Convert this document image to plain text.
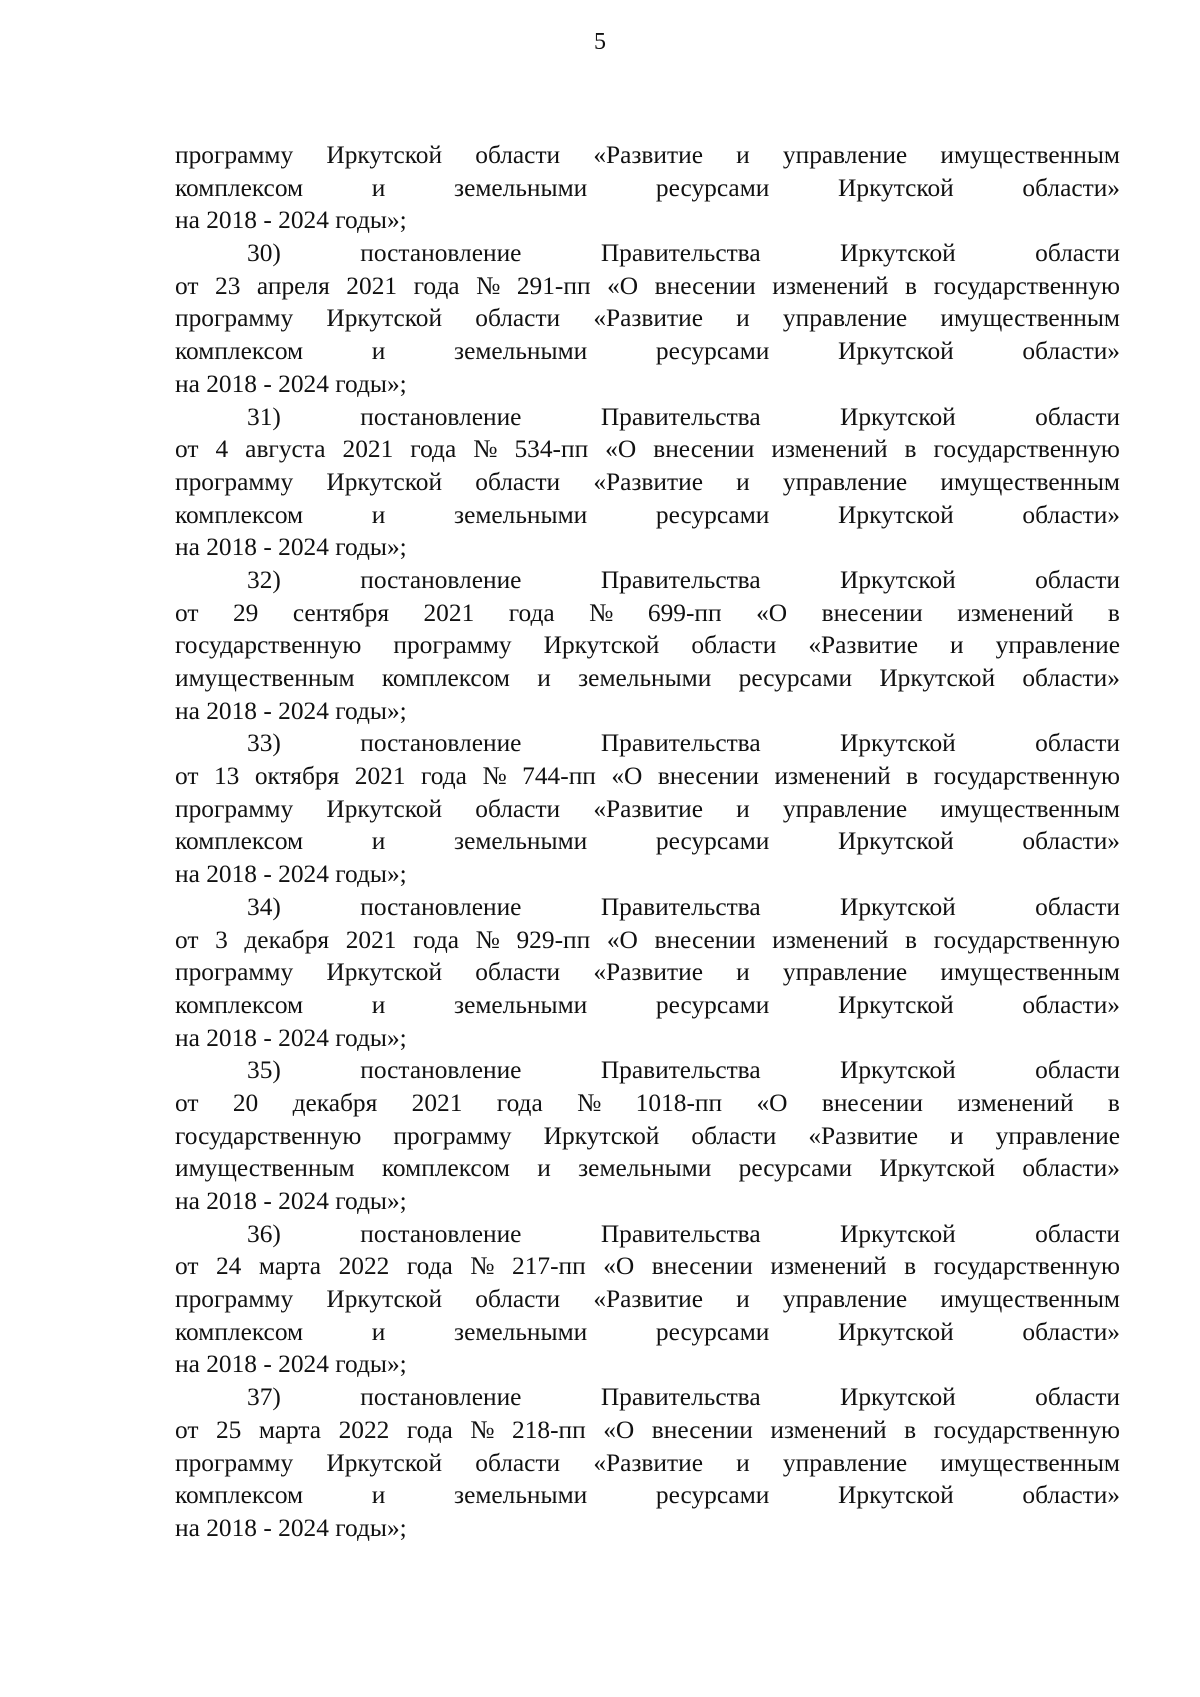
5
программу Иркутской области «Развитие и управление имущественным
комплексом	и	земельными	ресурсами	Иркутской	области»
на 2018 - 2024 годы»;
30)	постановление	Правительства	Иркутской	области
от 23 апреля 2021 года № 291-пп «О внесении изменений в государственную
программу Иркутской области «Развитие и управление имущественным
комплексом	и	земельными	ресурсами	Иркутской	области»
на 2018 - 2024 годы»;
31)	постановление	Правительства	Иркутской	области
от 4 августа 2021 года № 534-пп «О внесении изменений в государственную
программу Иркутской области «Развитие и управление имущественным
комплексом	и	земельными	ресурсами	Иркутской	области»
на 2018 - 2024 годы»;
32)	постановление	Правительства	Иркутской	области
от 29 сентября 2021 года № 699-пп «О внесении изменений в
государственную программу Иркутской области «Развитие и управление
имущественным комплексом и земельными ресурсами Иркутской области»
на 2018 - 2024 годы»;
33)	постановление	Правительства	Иркутской	области
от 13 октября 2021 года № 744-пп «О внесении изменений в государственную
программу Иркутской области «Развитие и управление имущественным
комплексом	и	земельными	ресурсами	Иркутской	области»
на 2018 - 2024 годы»;
34)	постановление	Правительства	Иркутской	области
от 3 декабря 2021 года № 929-пп «О внесении изменений в государственную
программу Иркутской области «Развитие и управление имущественным
комплексом	и	земельными	ресурсами	Иркутской	области»
на 2018 - 2024 годы»;
35)	постановление	Правительства	Иркутской	области
от 20 декабря 2021 года № 1018-пп «О внесении изменений в
государственную программу Иркутской области «Развитие и управление
имущественным комплексом и земельными ресурсами Иркутской области»
на 2018 - 2024 годы»;
36)	постановление	Правительства	Иркутской	области
от 24 марта 2022 года № 217-пп «О внесении изменений в государственную
программу Иркутской области «Развитие и управление имущественным
комплексом	и	земельными	ресурсами	Иркутской	области»
на 2018 - 2024 годы»;
37)	постановление	Правительства	Иркутской	области
от 25 марта 2022 года № 218-пп «О внесении изменений в государственную
программу Иркутской области «Развитие и управление имущественным
комплексом	и	земельными	ресурсами	Иркутской	области»
на 2018 - 2024 годы»;
